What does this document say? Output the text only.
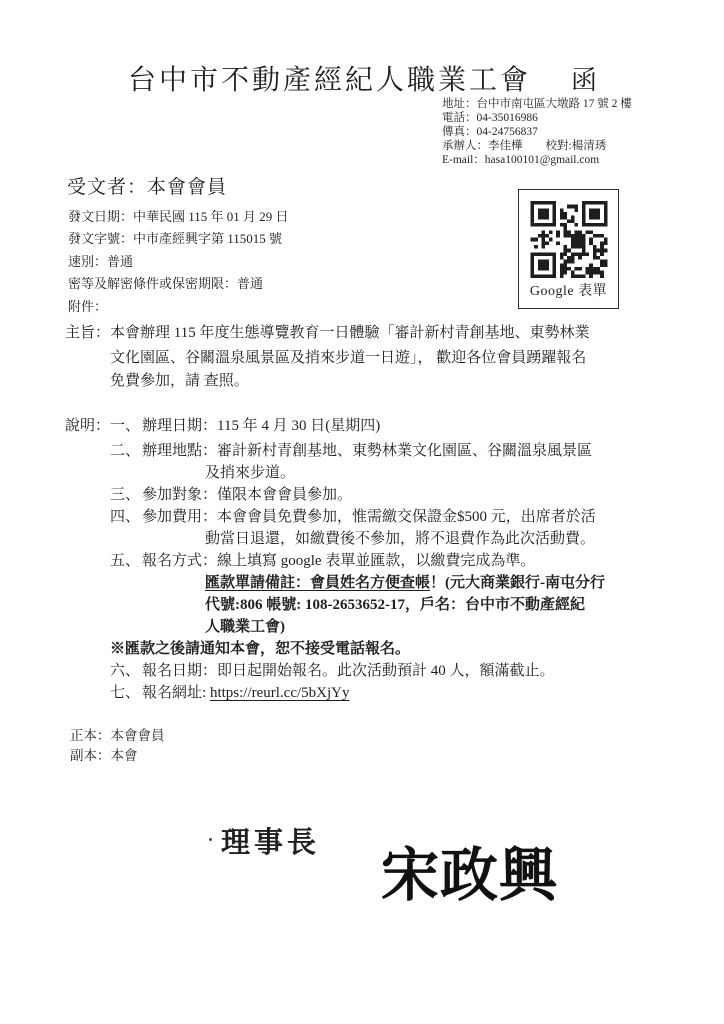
台中市不動產經紀人職業工會 函
地址：台中市南屯區大墩路 17 號 2 樓
電話：04-35016986
傳真：04-24756837
承辦人：李佳樺　　校對:楊清琇
E-mail：hasa100101@gmail.com
受文者：本會會員
發文日期：中華民國 115 年 01 月 29 日
發文字號：中市產經興字第 115015 號
速別：普通
密等及解密條件或保密期限：普通
附件：
Google 表單
主旨：本會辦理 115 年度生態導覽教育一日體驗「審計新村青創基地、東勢林業
文化園區、谷關溫泉風景區及捎來步道一日遊」， 歡迎各位會員踴躍報名
免費參加，請 查照。
說明：一、 辦理日期：115 年 4 月 30 日(星期四)
二、 辦理地點：審計新村青創基地、東勢林業文化園區、谷關溫泉風景區
及捎來步道。
三、 參加對象：僅限本會會員參加。
四、 參加費用：本會會員免費參加，惟需繳交保證金$500 元，出席者於活
動當日退還，如繳費後不參加，將不退費作為此次活動費。
五、 報名方式：線上填寫 google 表單並匯款，以繳費完成為準。
匯款單請備註：會員姓名方便查帳！(元大商業銀行-南屯分行
代號:806 帳號: 108-2653652-17，戶名：台中市不動產經紀
人職業工會)
※匯款之後請通知本會，恕不接受電話報名。
六、 報名日期：即日起開始報名。此次活動預計 40 人，額滿截止。
七、 報名網址: https://reurl.cc/5bXjYy
正本：本會會員
副本：本會
理事長 宋政興
